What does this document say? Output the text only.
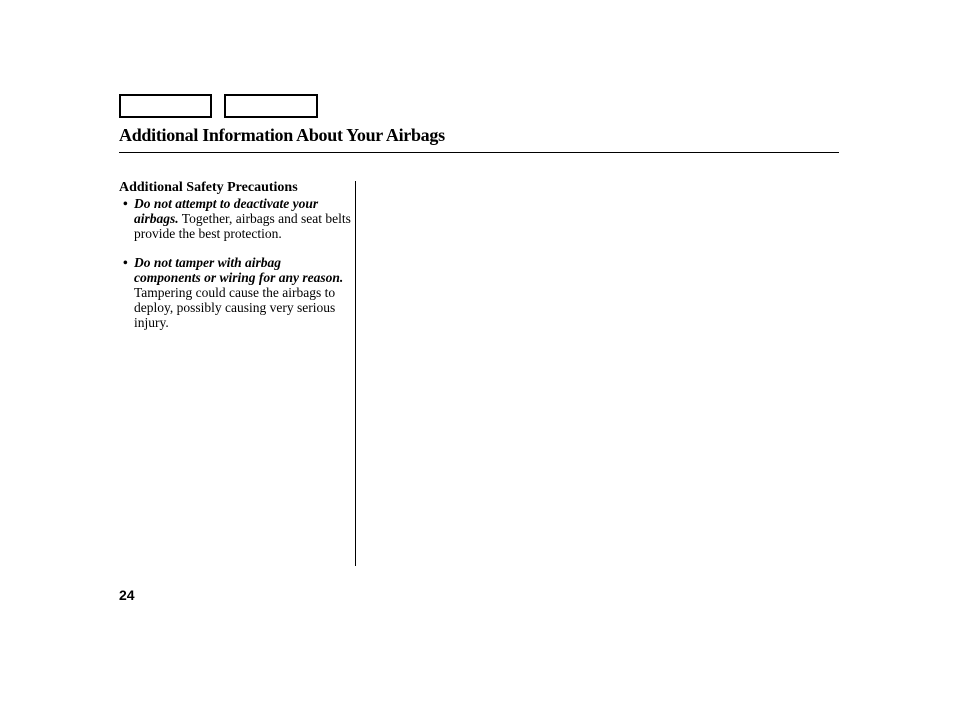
Additional Information About Your Airbags

Additional Safety Precautions

• Do not attempt to deactivate your airbags. Together, airbags and seat belts provide the best protection.

• Do not tamper with airbag components or wiring for any reason. Tampering could cause the airbags to deploy, possibly causing very serious injury.

24
